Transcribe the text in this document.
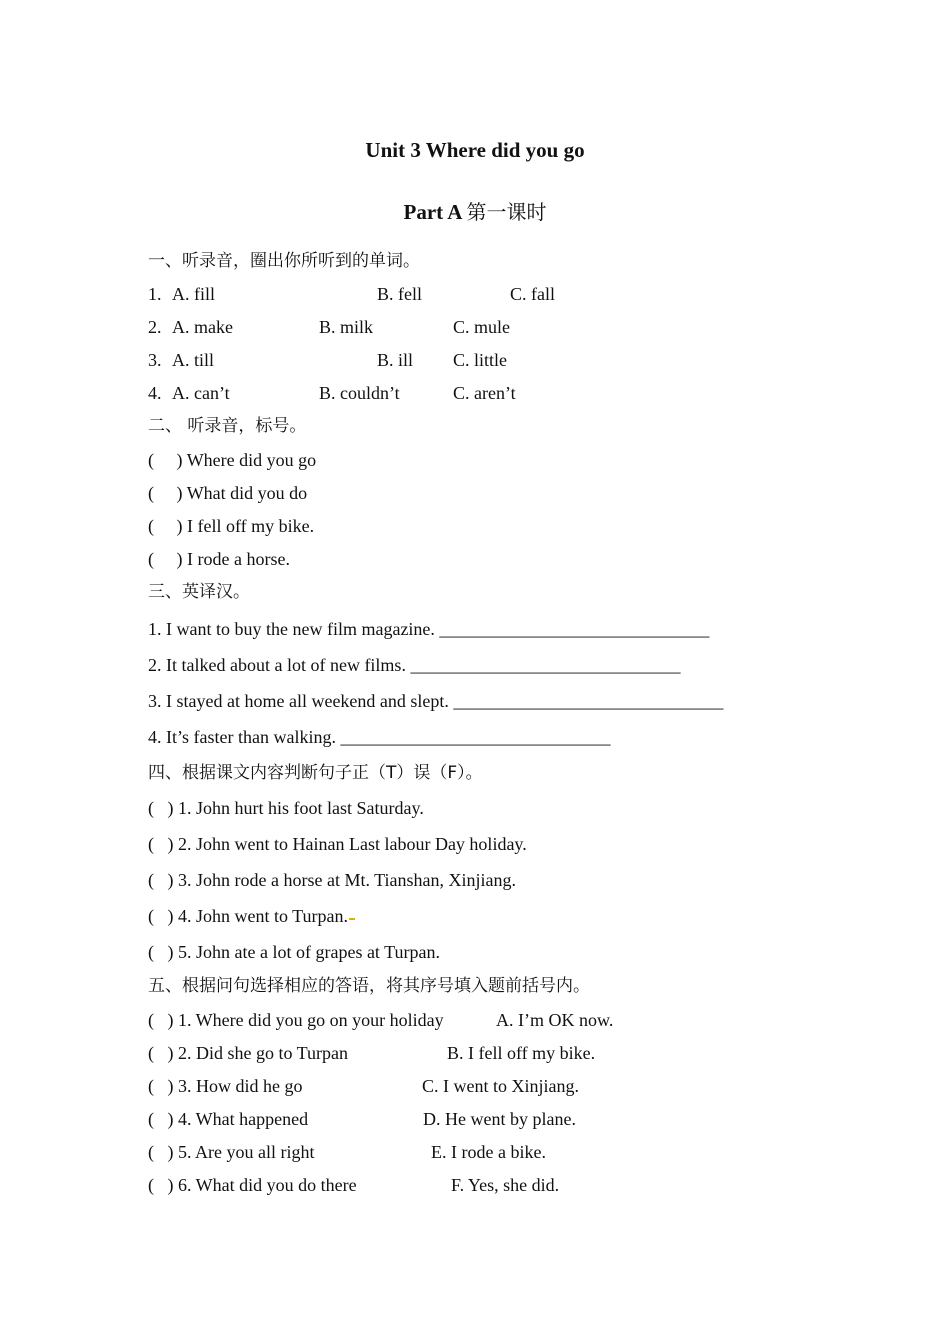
Unit 3 Where did you go
Part A 第一课时
一、听录音，圈出你所听到的单词。
1. A. fill	B. fell	C. fall
2. A. make	B. milk	C. mule
3. A. till	B. ill C. little
4. A. can’t	B. couldn’t	C. aren’t
二、 听录音，标号。
(     ) Where did you go
(     ) What did you do
(     ) I fell off my bike.
(     ) I rode a horse.
三、英译汉。
1. I want to buy the new film magazine. ______________________________
2. It talked about a lot of new films. ______________________________
3. I stayed at home all weekend and slept. ______________________________
4. It’s faster than walking. ______________________________
四、根据课文内容判断句子正（T）误（F）。
(   ) 1. John hurt his foot last Saturday.
(   ) 2. John went to Hainan Last labour Day holiday.
(   ) 3. John rode a horse at Mt. Tianshan, Xinjiang.
(   ) 4. John went to Turpan.
(   ) 5. John ate a lot of grapes at Turpan.
五、根据问句选择相应的答语，将其序号填入题前括号内。
(   ) 1. Where did you go on your holiday	A. I’m OK now.
(   ) 2. Did she go to Turpan	B. I fell off my bike.
(   ) 3. How did he go	C. I went to Xinjiang.
(   ) 4. What happened	D. He went by plane.
(   ) 5. Are you all right	E. I rode a bike.
(   ) 6. What did you do there	F. Yes, she did.
